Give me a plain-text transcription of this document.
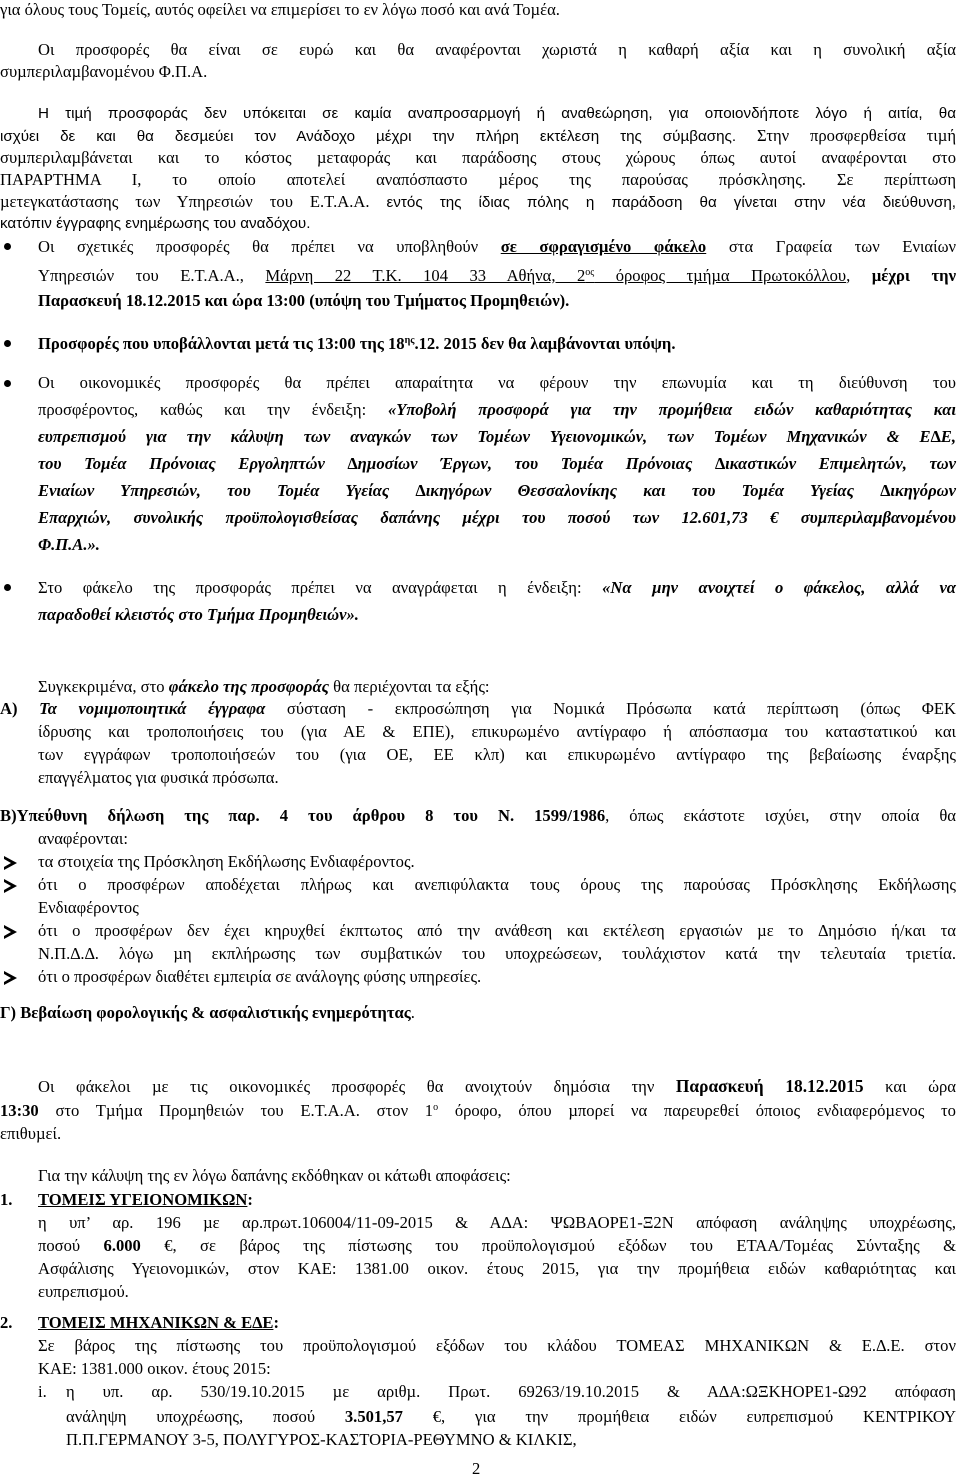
για όλους τους Τοµείς, αυτός οφείλει να επιµερίσει το εν λόγω ποσό και ανά Τοµέα.
Οι προσφορές θα είναι σε ευρώ και θα αναφέρονται χωριστά η καθαρή αξία και η συνολική αξία
συµπεριλαµβανοµένου Φ.Π.Α.
Η τιµή προσφοράς δεν υπόκειται σε καµία αναπροσαρµογή ή αναθεώρηση, για οποιονδήποτε λόγο ή αιτία, θα
ισχύει δε και θα δεσµεύει τον Ανάδοχο µέχρι την πλήρη εκτέλεση της σύµβασης. Στην προσφερθείσα τιµή
συµπεριλαµβάνεται και το κόστος µεταφοράς και παράδοσης στους χώρους όπως αυτοί αναφέρονται στο
ΠΑΡΑΡΤΗΜΑ Ι, το οποίο αποτελεί αναπόσπαστο µέρος της παρούσας πρόσκλησης. Σε περίπτωση
µετεγκατάστασης των Υπηρεσιών του Ε.Τ.Α.Α. εντός της ίδιας πόλης η παράδοση θα γίνεται στην νέα διεύθυνση,
κατόπιν έγγραφης ενηµέρωσης του αναδόχου.
Οι σχετικές προσφορές θα πρέπει να υποβληθούν σε σφραγισµένο φάκελο στα Γραφεία των Ενιαίων
Υπηρεσιών του Ε.Τ.Α.Α., Μάρνη 22 Τ.Κ. 104 33 Αθήνα, $2^{o\varsigma}$ όροφος τµήµα Πρωτοκόλλου, µέχρι την
Παρασκευή 18.12.2015 και ώρα 13:00 (υπόψη του Τµήµατος Προµηθειών).
Προσφορές που υποβάλλονται µετά τις 13:00 της $18^{\eta\varsigma}.12$. 2015 δεν θα λαµβάνονται υπόψη.
Οι οικονοµικές προσφορές θα πρέπει απαραίτητα να φέρουν την επωνυµία και τη διεύθυνση του
προσφέροντος, καθώς και την ένδειξη: «Υποβολή προσφορά για την προµήθεια ειδών καθαριότητας και
ευπρεπισµού για την κάλυψη των αναγκών των Τοµέων Υγειονοµικών, των Τοµέων Μηχανικών & Ε∆Ε,
του Τοµέα Πρόνοιας Εργοληπτών ∆ηµοσίων Έργων, του Τοµέα Πρόνοιας ∆ικαστικών Επιµελητών, των
Ενιαίων Υπηρεσιών, του Τοµέα Υγείας ∆ικηγόρων Θεσσαλονίκης και του Τοµέα Υγείας ∆ικηγόρων
Επαρχιών, συνολικής προϋπολογισθείσας δαπάνης µέχρι του ποσού των 12.601,73 € συµπεριλαµβανοµένου
Φ.Π.Α.».
Στο φάκελο της προσφοράς πρέπει να αναγράφεται η ένδειξη: «Να µην ανοιχτεί ο φάκελος, αλλά να
παραδοθεί κλειστός στο Τµήµα Προµηθειών».
Συγκεκριµένα, στο φάκελο της προσφοράς θα περιέχονται τα εξής:
Α) Τα νοµιµοποιητικά έγγραφα σύσταση - εκπροσώπηση για Νοµικά Πρόσωπα κατά περίπτωση (όπως ΦΕΚ
ίδρυσης και τροποποιήσεις του (για ΑΕ & ΕΠΕ), επικυρωµένο αντίγραφο ή απόσπασµα του καταστατικού και
των εγγράφων τροποποιήσεών του (για ΟΕ, ΕΕ κλπ) και επικυρωµένο αντίγραφο της βεβαίωσης έναρξης
επαγγέλµατος για φυσικά πρόσωπα.
Β)Υπεύθυνη δήλωση της παρ. 4 του άρθρου 8 του Ν. 1599/1986, όπως εκάστοτε ισχύει, στην οποία θα
αναφέρονται:
τα στοιχεία της Πρόσκληση Εκδήλωσης Ενδιαφέροντος.
ότι ο προσφέρων αποδέχεται πλήρως και ανεπιφύλακτα τους όρους της παρούσας Πρόσκλησης Εκδήλωσης
Ενδιαφέροντος
ότι ο προσφέρων δεν έχει κηρυχθεί έκπτωτος από την ανάθεση και εκτέλεση εργασιών µε το ∆ηµόσιο ή/και τα
Ν.Π.∆.∆. λόγω µη εκπλήρωσης των συµβατικών του υποχρεώσεων, τουλάχιστον κατά την τελευταία τριετία.
ότι ο προσφέρων διαθέτει εµπειρία σε ανάλογης φύσης υπηρεσίες.
Γ) Βεβαίωση φορολογικής & ασφαλιστικής ενηµερότητας.
Οι φάκελοι µε τις οικονοµικές προσφορές θα ανοιχτούν δηµόσια την Παρασκευή 18.12.2015 και ώρα
13:30 στο Τµήµα Προµηθειών του Ε.Τ.Α.Α. στον $1^o$ όροφο, όπου µπορεί να παρευρεθεί όποιος ενδιαφερόµενος το
επιθυµεί.
Για την κάλυψη της εν λόγω δαπάνης εκδόθηκαν οι κάτωθι αποφάσεις:
1. ΤΟΜΕΙΣ ΥΓΕΙΟΝΟΜΙΚΩΝ:
η υπ’ αρ. 196 µε αρ.πρωτ.106004/11-09-2015 & Α∆Α: ΨΩΒΑΟΡΕ1-Ξ2Ν απόφαση ανάληψης υποχρέωσης,
ποσού 6.000 €, σε βάρος της πίστωσης του προϋπολογισµού εξόδων του ΕΤΑΑ/Τοµέας Σύνταξης &
Ασφάλισης Υγειονοµικών, στον ΚΑΕ: 1381.00 οικον. έτους 2015, για την προµήθεια ειδών καθαριότητας και
ευπρεπισµού.
2. ΤΟΜΕΙΣ ΜΗΧΑΝΙΚΩΝ & Ε∆Ε:
Σε βάρος της πίστωσης του προϋπολογισµού εξόδων του κλάδου ΤΟΜΕΑΣ ΜΗΧΑΝΙΚΩΝ & Ε.∆.Ε. στον
ΚΑΕ: 1381.000 οικον. έτους 2015:
i. η υπ. αρ. 530/19.10.2015 µε αριθµ. Πρωτ. 69263/19.10.2015 & Α∆Α:ΩΞΚΗΟΡΕ1-Ω92 απόφαση
ανάληψη υποχρέωσης, ποσού 3.501,57 €, για την προµήθεια ειδών ευπρεπισµού ΚΕΝΤΡΙΚΟΥ
Π.Π.ΓΕΡΜΑΝΟΥ 3-5, ΠΟΛΥΓΥΡΟΣ-ΚΑΣΤΟΡΙΑ-ΡΕΘΥΜΝΟ & ΚΙΛΚΙΣ,
2
